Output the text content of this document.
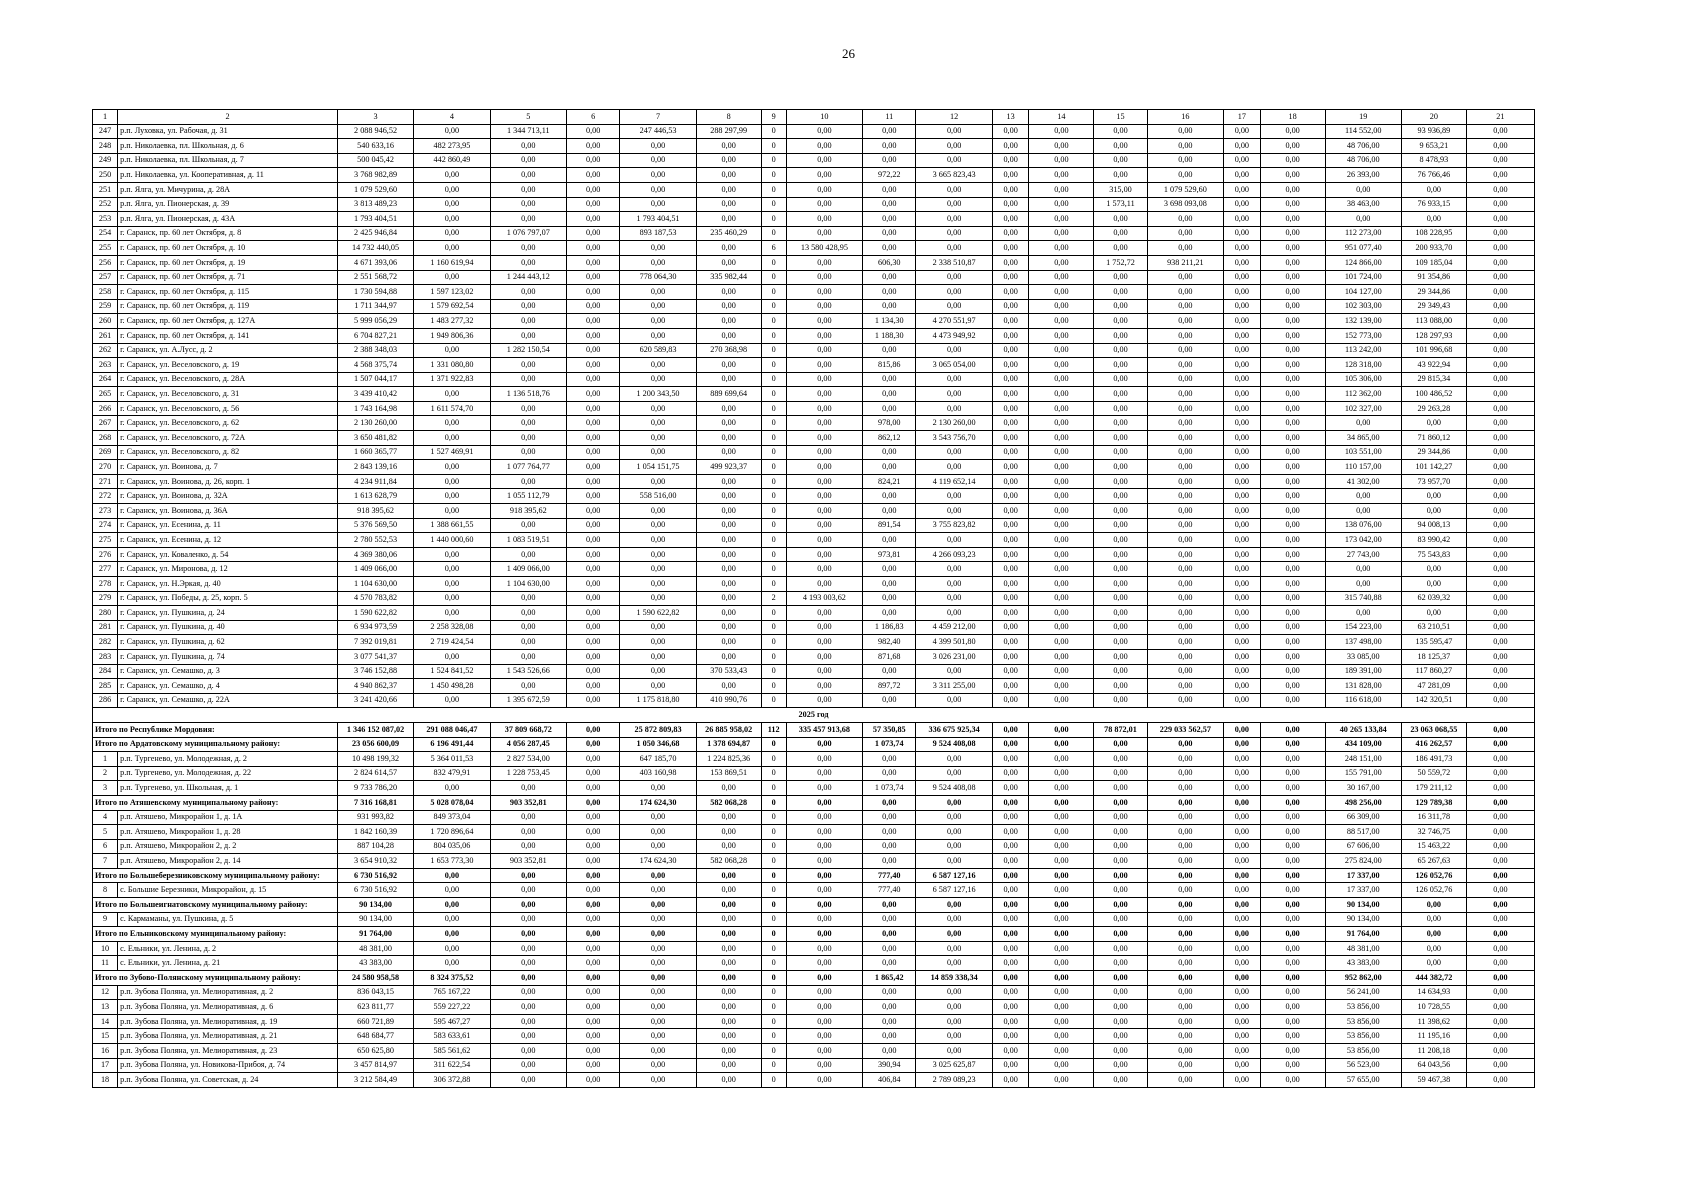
26
1	2	3	4	5	6	7	8	9	10	11	12	13	14	15	16	17	18	19	20	21
247	р.п. Луховка, ул. Рабочая, д. 31	2 088 946,52	0,00	1 344 713,11	0,00	247 446,53	288 297,99	0	0,00	0,00	0,00	0,00	0,00	0,00	0,00	0,00	0,00	114 552,00	93 936,89	0,00
248	р.п. Николаевка, пл. Школьная, д. 6	540 633,16	482 273,95	0,00	0,00	0,00	0,00	0	0,00	0,00	0,00	0,00	0,00	0,00	0,00	0,00	0,00	48 706,00	9 653,21	0,00
249	р.п. Николаевка, пл. Школьная, д. 7	500 045,42	442 860,49	0,00	0,00	0,00	0,00	0	0,00	0,00	0,00	0,00	0,00	0,00	0,00	0,00	0,00	48 706,00	8 478,93	0,00
250	р.п. Николаевка, ул. Кооперативная, д. 11	3 768 982,89	0,00	0,00	0,00	0,00	0,00	0	0,00	972,22	3 665 823,43	0,00	0,00	0,00	0,00	0,00	0,00	26 393,00	76 766,46	0,00
251	р.п. Ялга, ул. Мичурина, д. 28А	1 079 529,60	0,00	0,00	0,00	0,00	0,00	0	0,00	0,00	0,00	0,00	0,00	315,00	1 079 529,60	0,00	0,00	0,00	0,00	0,00
252	р.п. Ялга, ул. Пионерская, д. 39	3 813 489,23	0,00	0,00	0,00	0,00	0,00	0	0,00	0,00	0,00	0,00	0,00	1 573,11	3 698 093,08	0,00	0,00	38 463,00	76 933,15	0,00
253	р.п. Ялга, ул. Пионерская, д. 43А	1 793 404,51	0,00	0,00	0,00	1 793 404,51	0,00	0	0,00	0,00	0,00	0,00	0,00	0,00	0,00	0,00	0,00	0,00	0,00	0,00
254	г. Саранск, пр. 60 лет Октября, д. 8	2 425 946,84	0,00	1 076 797,07	0,00	893 187,53	235 460,29	0	0,00	0,00	0,00	0,00	0,00	0,00	0,00	0,00	0,00	112 273,00	108 228,95	0,00
255	г. Саранск, пр. 60 лет Октября, д. 10	14 732 440,05	0,00	0,00	0,00	0,00	0,00	6	13 580 428,95	0,00	0,00	0,00	0,00	0,00	0,00	0,00	0,00	951 077,40	200 933,70	0,00
256	г. Саранск, пр. 60 лет Октября, д. 19	4 671 393,06	1 160 619,94	0,00	0,00	0,00	0,00	0	0,00	606,30	2 338 510,87	0,00	0,00	1 752,72	938 211,21	0,00	0,00	124 866,00	109 185,04	0,00
257	г. Саранск, пр. 60 лет Октября, д. 71	2 551 568,72	0,00	1 244 443,12	0,00	778 064,30	335 982,44	0	0,00	0,00	0,00	0,00	0,00	0,00	0,00	0,00	0,00	101 724,00	91 354,86	0,00
258	г. Саранск, пр. 60 лет Октября, д. 115	1 730 594,88	1 597 123,02	0,00	0,00	0,00	0,00	0	0,00	0,00	0,00	0,00	0,00	0,00	0,00	0,00	0,00	104 127,00	29 344,86	0,00
259	г. Саранск, пр. 60 лет Октября, д. 119	1 711 344,97	1 579 692,54	0,00	0,00	0,00	0,00	0	0,00	0,00	0,00	0,00	0,00	0,00	0,00	0,00	0,00	102 303,00	29 349,43	0,00
260	г. Саранск, пр. 60 лет Октября, д. 127А	5 999 056,29	1 483 277,32	0,00	0,00	0,00	0,00	0	0,00	1 134,30	4 270 551,97	0,00	0,00	0,00	0,00	0,00	0,00	132 139,00	113 088,00	0,00
261	г. Саранск, пр. 60 лет Октября, д. 141	6 704 827,21	1 949 806,36	0,00	0,00	0,00	0,00	0	0,00	1 188,30	4 473 949,92	0,00	0,00	0,00	0,00	0,00	0,00	152 773,00	128 297,93	0,00
262	г. Саранск, ул. А.Лусс, д. 2	2 388 348,03	0,00	1 282 150,54	0,00	620 589,83	270 368,98	0	0,00	0,00	0,00	0,00	0,00	0,00	0,00	0,00	0,00	113 242,00	101 996,68	0,00
263	г. Саранск, ул. Веселовского, д. 19	4 568 375,74	1 331 080,80	0,00	0,00	0,00	0,00	0	0,00	815,86	3 065 054,00	0,00	0,00	0,00	0,00	0,00	0,00	128 318,00	43 922,94	0,00
264	г. Саранск, ул. Веселовского, д. 28А	1 507 044,17	1 371 922,83	0,00	0,00	0,00	0,00	0	0,00	0,00	0,00	0,00	0,00	0,00	0,00	0,00	0,00	105 306,00	29 815,34	0,00
265	г. Саранск, ул. Веселовского, д. 31	3 439 410,42	0,00	1 136 518,76	0,00	1 200 343,50	889 699,64	0	0,00	0,00	0,00	0,00	0,00	0,00	0,00	0,00	0,00	112 362,00	100 486,52	0,00
266	г. Саранск, ул. Веселовского, д. 56	1 743 164,98	1 611 574,70	0,00	0,00	0,00	0,00	0	0,00	0,00	0,00	0,00	0,00	0,00	0,00	0,00	0,00	102 327,00	29 263,28	0,00
267	г. Саранск, ул. Веселовского, д. 62	2 130 260,00	0,00	0,00	0,00	0,00	0,00	0	0,00	978,00	2 130 260,00	0,00	0,00	0,00	0,00	0,00	0,00	0,00	0,00	0,00
268	г. Саранск, ул. Веселовского, д. 72А	3 650 481,82	0,00	0,00	0,00	0,00	0,00	0	0,00	862,12	3 543 756,70	0,00	0,00	0,00	0,00	0,00	0,00	34 865,00	71 860,12	0,00
269	г. Саранск, ул. Веселовского, д. 82	1 660 365,77	1 527 469,91	0,00	0,00	0,00	0,00	0	0,00	0,00	0,00	0,00	0,00	0,00	0,00	0,00	0,00	103 551,00	29 344,86	0,00
270	г. Саранск, ул. Воинова, д. 7	2 843 139,16	0,00	1 077 764,77	0,00	1 054 151,75	499 923,37	0	0,00	0,00	0,00	0,00	0,00	0,00	0,00	0,00	0,00	110 157,00	101 142,27	0,00
271	г. Саранск, ул. Воинова, д. 26, корп. 1	4 234 911,84	0,00	0,00	0,00	0,00	0,00	0	0,00	824,21	4 119 652,14	0,00	0,00	0,00	0,00	0,00	0,00	41 302,00	73 957,70	0,00
272	г. Саранск, ул. Воинова, д. 32А	1 613 628,79	0,00	1 055 112,79	0,00	558 516,00	0,00	0	0,00	0,00	0,00	0,00	0,00	0,00	0,00	0,00	0,00	0,00	0,00	0,00
273	г. Саранск, ул. Воинова, д. 36А	918 395,62	0,00	918 395,62	0,00	0,00	0,00	0	0,00	0,00	0,00	0,00	0,00	0,00	0,00	0,00	0,00	0,00	0,00	0,00
274	г. Саранск, ул. Есенина, д. 11	5 376 569,50	1 388 661,55	0,00	0,00	0,00	0,00	0	0,00	891,54	3 755 823,82	0,00	0,00	0,00	0,00	0,00	0,00	138 076,00	94 008,13	0,00
275	г. Саранск, ул. Есенина, д. 12	2 780 552,53	1 440 000,60	1 083 519,51	0,00	0,00	0,00	0	0,00	0,00	0,00	0,00	0,00	0,00	0,00	0,00	0,00	173 042,00	83 990,42	0,00
276	г. Саранск, ул. Коваленко, д. 54	4 369 380,06	0,00	0,00	0,00	0,00	0,00	0	0,00	973,81	4 266 093,23	0,00	0,00	0,00	0,00	0,00	0,00	27 743,00	75 543,83	0,00
277	г. Саранск, ул. Миронова, д. 12	1 409 066,00	0,00	1 409 066,00	0,00	0,00	0,00	0	0,00	0,00	0,00	0,00	0,00	0,00	0,00	0,00	0,00	0,00	0,00	0,00
278	г. Саранск, ул. Н.Эркая, д. 40	1 104 630,00	0,00	1 104 630,00	0,00	0,00	0,00	0	0,00	0,00	0,00	0,00	0,00	0,00	0,00	0,00	0,00	0,00	0,00	0,00
279	г. Саранск, ул. Победы, д. 25, корп. 5	4 570 783,82	0,00	0,00	0,00	0,00	0,00	2	4 193 003,62	0,00	0,00	0,00	0,00	0,00	0,00	0,00	0,00	315 740,88	62 039,32	0,00
280	г. Саранск, ул. Пушкина, д. 24	1 590 622,82	0,00	0,00	0,00	1 590 622,82	0,00	0	0,00	0,00	0,00	0,00	0,00	0,00	0,00	0,00	0,00	0,00	0,00	0,00
281	г. Саранск, ул. Пушкина, д. 40	6 934 973,59	2 258 328,08	0,00	0,00	0,00	0,00	0	0,00	1 186,83	4 459 212,00	0,00	0,00	0,00	0,00	0,00	0,00	154 223,00	63 210,51	0,00
282	г. Саранск, ул. Пушкина, д. 62	7 392 019,81	2 719 424,54	0,00	0,00	0,00	0,00	0	0,00	982,40	4 399 501,80	0,00	0,00	0,00	0,00	0,00	0,00	137 498,00	135 595,47	0,00
283	г. Саранск, ул. Пушкина, д. 74	3 077 541,37	0,00	0,00	0,00	0,00	0,00	0	0,00	871,68	3 026 231,00	0,00	0,00	0,00	0,00	0,00	0,00	33 085,00	18 125,37	0,00
284	г. Саранск, ул. Семашко, д. 3	3 746 152,88	1 524 841,52	1 543 526,66	0,00	0,00	370 533,43	0	0,00	0,00	0,00	0,00	0,00	0,00	0,00	0,00	0,00	189 391,00	117 860,27	0,00
285	г. Саранск, ул. Семашко, д. 4	4 940 862,37	1 450 498,28	0,00	0,00	0,00	0,00	0	0,00	897,72	3 311 255,00	0,00	0,00	0,00	0,00	0,00	0,00	131 828,00	47 281,09	0,00
286	г. Саранск, ул. Семашко, д. 22А	3 241 420,66	0,00	1 395 672,59	0,00	1 175 818,80	410 990,76	0	0,00	0,00	0,00	0,00	0,00	0,00	0,00	0,00	0,00	116 618,00	142 320,51	0,00
2025 год																				
Итого по Республике Мордовия:		1 346 152 087,02	291 088 046,47	37 809 668,72	0,00	25 872 809,83	26 885 958,02	112	335 457 913,68	57 350,85	336 675 925,34	0,00	0,00	78 872,01	229 033 562,57	0,00	0,00	40 265 133,84	23 063 068,55	0,00
Итого по Ардатовскому муниципальному району:		23 056 600,09	6 196 491,44	4 056 287,45	0,00	1 050 346,68	1 378 694,87	0	0,00	1 073,74	9 524 408,08	0,00	0,00	0,00	0,00	0,00	0,00	434 109,00	416 262,57	0,00
1	р.п. Тургенево, ул. Молодежная, д. 2	10 498 199,32	5 364 011,53	2 827 534,00	0,00	647 185,70	1 224 825,36	0	0,00	0,00	0,00	0,00	0,00	0,00	0,00	0,00	0,00	248 151,00	186 491,73	0,00
2	р.п. Тургенево, ул. Молодежная, д. 22	2 824 614,57	832 479,91	1 228 753,45	0,00	403 160,98	153 869,51	0	0,00	0,00	0,00	0,00	0,00	0,00	0,00	0,00	0,00	155 791,00	50 559,72	0,00
3	р.п. Тургенево, ул. Школьная, д. 1	9 733 786,20	0,00	0,00	0,00	0,00	0,00	0	0,00	1 073,74	9 524 408,08	0,00	0,00	0,00	0,00	0,00	0,00	30 167,00	179 211,12	0,00
Итого по Атяшевскому муниципальному району:		7 316 168,81	5 028 078,04	903 352,81	0,00	174 624,30	582 068,28	0	0,00	0,00	0,00	0,00	0,00	0,00	0,00	0,00	0,00	498 256,00	129 789,38	0,00
4	р.п. Атяшево, Микрорайон 1, д. 1А	931 993,82	849 373,04	0,00	0,00	0,00	0,00	0	0,00	0,00	0,00	0,00	0,00	0,00	0,00	0,00	0,00	66 309,00	16 311,78	0,00
5	р.п. Атяшево, Микрорайон 1, д. 28	1 842 160,39	1 720 896,64	0,00	0,00	0,00	0,00	0	0,00	0,00	0,00	0,00	0,00	0,00	0,00	0,00	0,00	88 517,00	32 746,75	0,00
6	р.п. Атяшево, Микрорайон 2, д. 2	887 104,28	804 035,06	0,00	0,00	0,00	0,00	0	0,00	0,00	0,00	0,00	0,00	0,00	0,00	0,00	0,00	67 606,00	15 463,22	0,00
7	р.п. Атяшево, Микрорайон 2, д. 14	3 654 910,32	1 653 773,30	903 352,81	0,00	174 624,30	582 068,28	0	0,00	0,00	0,00	0,00	0,00	0,00	0,00	0,00	0,00	275 824,00	65 267,63	0,00
Итого по Большеберезниковскому муниципальному району:		6 730 516,92	0,00	0,00	0,00	0,00	0,00	0	0,00	777,40	6 587 127,16	0,00	0,00	0,00	0,00	0,00	0,00	17 337,00	126 052,76	0,00
8	с. Большие Березники, Микрорайон, д. 15	6 730 516,92	0,00	0,00	0,00	0,00	0,00	0	0,00	777,40	6 587 127,16	0,00	0,00	0,00	0,00	0,00	0,00	17 337,00	126 052,76	0,00
Итого по Большеигнатовскому муниципальному району:		90 134,00	0,00	0,00	0,00	0,00	0,00	0	0,00	0,00	0,00	0,00	0,00	0,00	0,00	0,00	0,00	90 134,00	0,00	0,00
9	с. Кармаманы, ул. Пушкина, д. 5	90 134,00	0,00	0,00	0,00	0,00	0,00	0	0,00	0,00	0,00	0,00	0,00	0,00	0,00	0,00	0,00	90 134,00	0,00	0,00
Итого по Ельниковскому муниципальному району:		91 764,00	0,00	0,00	0,00	0,00	0,00	0	0,00	0,00	0,00	0,00	0,00	0,00	0,00	0,00	0,00	91 764,00	0,00	0,00
10	с. Ельники, ул. Ленина, д. 2	48 381,00	0,00	0,00	0,00	0,00	0,00	0	0,00	0,00	0,00	0,00	0,00	0,00	0,00	0,00	0,00	48 381,00	0,00	0,00
11	с. Ельники, ул. Ленина, д. 21	43 383,00	0,00	0,00	0,00	0,00	0,00	0	0,00	0,00	0,00	0,00	0,00	0,00	0,00	0,00	0,00	43 383,00	0,00	0,00
Итого по Зубово-Полянскому муниципальному району:		24 580 958,58	8 324 375,52	0,00	0,00	0,00	0,00	0	0,00	1 865,42	14 859 338,34	0,00	0,00	0,00	0,00	0,00	0,00	952 862,00	444 382,72	0,00
12	р.п. Зубова Поляна, ул. Мелиоративная, д. 2	836 043,15	765 167,22	0,00	0,00	0,00	0,00	0	0,00	0,00	0,00	0,00	0,00	0,00	0,00	0,00	0,00	56 241,00	14 634,93	0,00
13	р.п. Зубова Поляна, ул. Мелиоративная, д. 6	623 811,77	559 227,22	0,00	0,00	0,00	0,00	0	0,00	0,00	0,00	0,00	0,00	0,00	0,00	0,00	0,00	53 856,00	10 728,55	0,00
14	р.п. Зубова Поляна, ул. Мелиоративная, д. 19	660 721,89	595 467,27	0,00	0,00	0,00	0,00	0	0,00	0,00	0,00	0,00	0,00	0,00	0,00	0,00	0,00	53 856,00	11 398,62	0,00
15	р.п. Зубова Поляна, ул. Мелиоративная, д. 21	648 684,77	583 633,61	0,00	0,00	0,00	0,00	0	0,00	0,00	0,00	0,00	0,00	0,00	0,00	0,00	0,00	53 856,00	11 195,16	0,00
16	р.п. Зубова Поляна, ул. Мелиоративная, д. 23	650 625,80	585 561,62	0,00	0,00	0,00	0,00	0	0,00	0,00	0,00	0,00	0,00	0,00	0,00	0,00	0,00	53 856,00	11 208,18	0,00
17	р.п. Зубова Поляна, ул. Новикова-Прибоя, д. 74	3 457 814,97	311 622,54	0,00	0,00	0,00	0,00	0	0,00	390,94	3 025 625,87	0,00	0,00	0,00	0,00	0,00	0,00	56 523,00	64 043,56	0,00
18	р.п. Зубова Поляна, ул. Советская, д. 24	3 212 584,49	306 372,88	0,00	0,00	0,00	0,00	0	0,00	406,84	2 789 089,23	0,00	0,00	0,00	0,00	0,00	0,00	57 655,00	59 467,38	0,00
